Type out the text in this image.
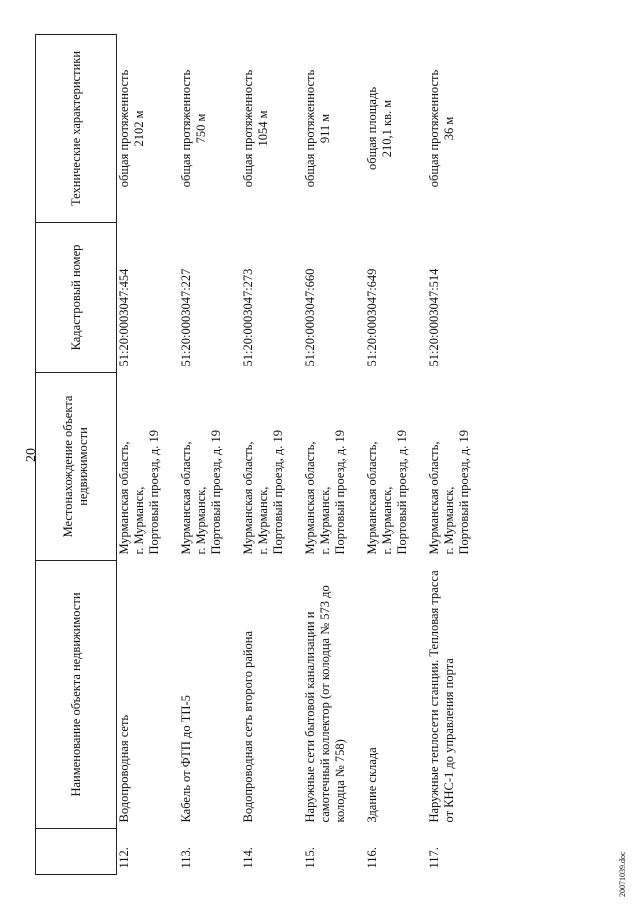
20
	Наименование объекта недвижимости	Местонахождение объекта недвижимости	Кадастровый номер	Технические характеристики
112.	Водопроводная сеть	Мурманская область, г. Мурманск, Портовый проезд, д. 19	51:20:0003047:454	общая протяженность 2102 м

113.	Кабель от ФТП до ТП-5	Мурманская область, г. Мурманск, Портовый проезд, д. 19	51:20:0003047:227	общая протяженность 750 м

114.	Водопроводная сеть второго района	Мурманская область, г. Мурманск, Портовый проезд, д. 19	51:20:0003047:273	общая протяженность 1054 м

115.	Наружные сети бытовой канализации и самотечный коллектор (от колодца № 573 до колодца № 758)	Мурманская область, г. Мурманск, Портовый проезд, д. 19	51:20:0003047:660	общая протяженность 911 м

116.	Здание склада	Мурманская область, г. Мурманск, Портовый проезд, д. 19	51:20:0003047:649	общая площадь 210,1 кв. м

117.	Наружные теплосети станции. Тепловая трасса от КНС-1 до управления порта	Мурманская область, г. Мурманск, Портовый проезд, д. 19	51:20:0003047:514	общая протяженность 36 м
20071039.doc
